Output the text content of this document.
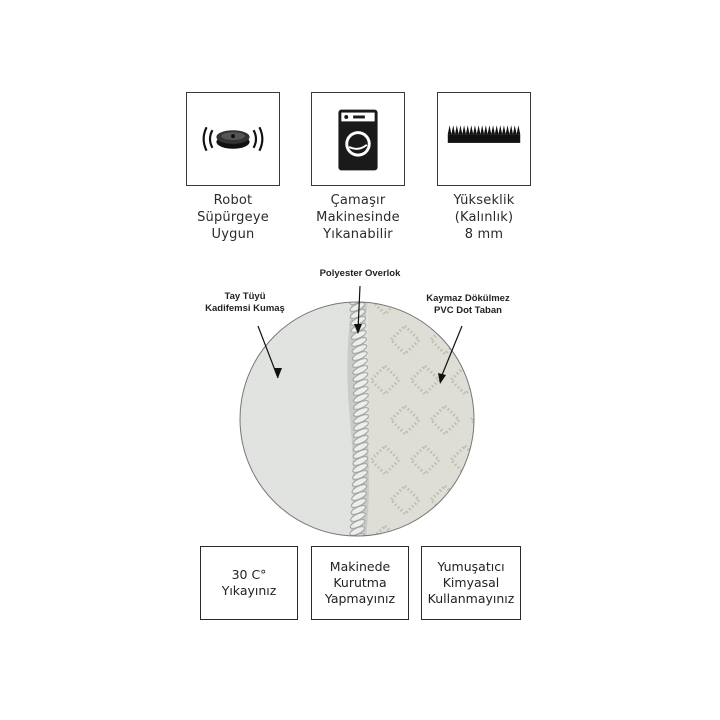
Robot
Süpürgeye
Uygun
Çamaşır
Makinesinde
Yıkanabilir
Yükseklik
(Kalınlık)
8 mm
Polyester Overlok
Tay Tüyü
Kadifemsi Kumaş
Kaymaz Dökülmez
PVC Dot Taban
30 C°
Yıkayınız
Makinede
Kurutma
Yapmayınız
Yumuşatıcı
Kimyasal
Kullanmayınız
